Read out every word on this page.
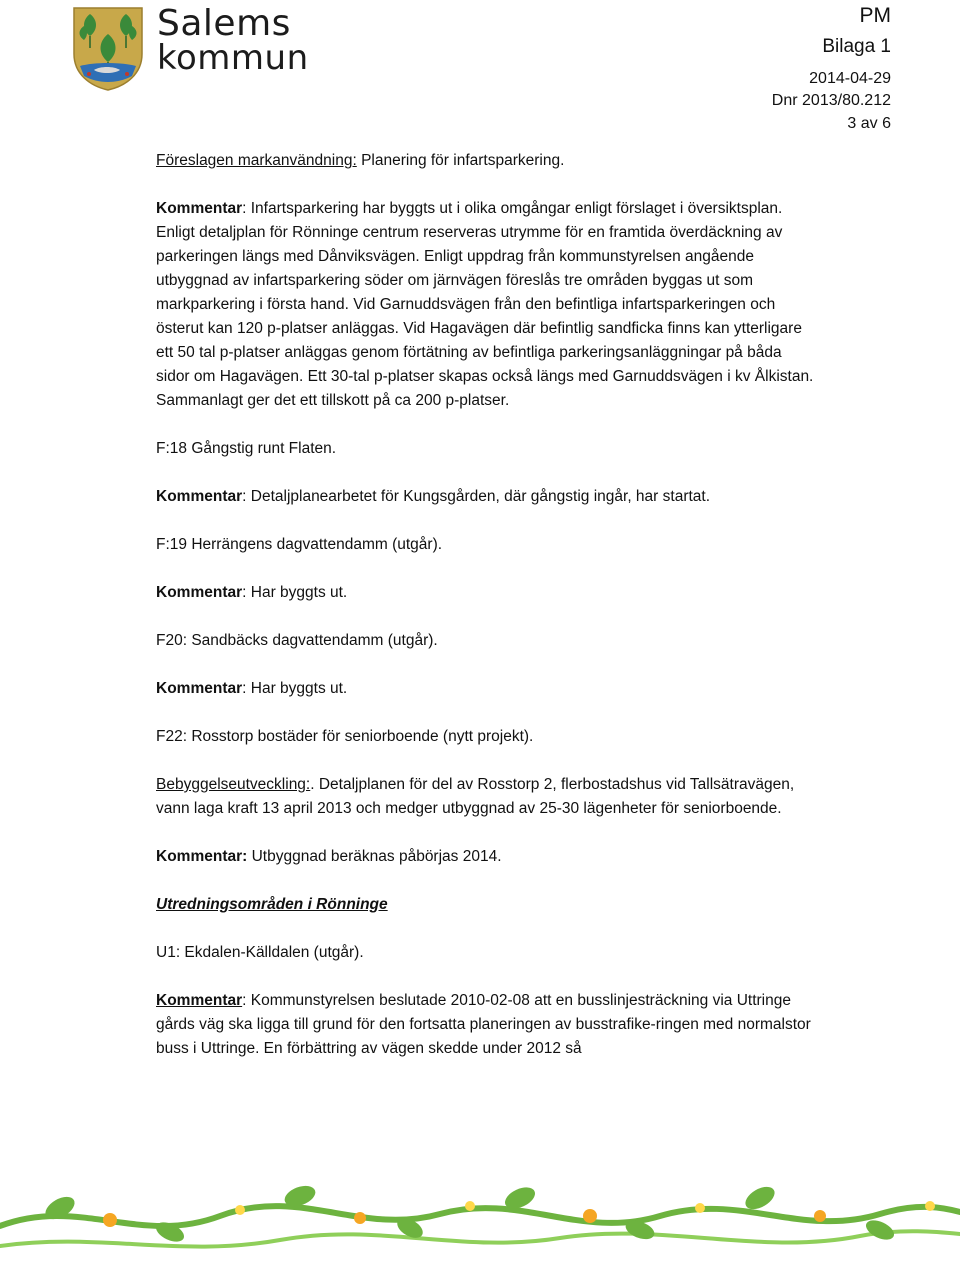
Salems
kommun
PM
Bilaga 1
2014-04-29
Dnr 2013/80.212
3 av 6

Föreslagen markanvändning: Planering för infartsparkering.

Kommentar: Infartsparkering har byggts ut i olika omgångar enligt förslaget i översiktsplan. Enligt detaljplan för Rönninge centrum reserveras utrymme för en framtida överdäckning av parkeringen längs med Dånviksvägen. Enligt uppdrag från kommunstyrelsen angående utbyggnad av infartsparkering söder om järnvägen föreslås tre områden byggas ut som markparkering i första hand. Vid Garnuddsvägen från den befintliga infartsparkeringen och österut kan 120 p-platser anläggas. Vid Hagavägen där befintlig sandficka finns kan ytterligare ett 50 tal p-platser anläggas genom förtätning av befintliga parkeringsanläggningar på båda sidor om Hagavägen. Ett 30-tal p-platser skapas också längs med Garnuddsvägen i kv Ålkistan. Sammanlagt ger det ett tillskott på ca 200 p-platser.

F:18 Gångstig runt Flaten.

Kommentar: Detaljplanearbetet för Kungsgården, där gångstig ingår, har startat.

F:19 Herrängens dagvattendamm (utgår).

Kommentar: Har byggts ut.

F20: Sandbäcks dagvattendamm (utgår).

Kommentar: Har byggts ut.

F22: Rosstorp bostäder för seniorboende (nytt projekt).

Bebyggelseutveckling:. Detaljplanen för del av Rosstorp 2, flerbostadshus vid Tallsätravägen, vann laga kraft 13 april 2013 och medger utbyggnad av 25-30 lägenheter för seniorboende.

Kommentar: Utbyggnad beräknas påbörjas 2014.

Utredningsområden i Rönninge

U1: Ekdalen-Källdalen (utgår).

Kommentar: Kommunstyrelsen beslutade 2010-02-08 att en busslinjesträckning via Uttringe gårds väg ska ligga till grund för den fortsatta planeringen av busstrafike-ringen med normalstor buss i Uttringe. En förbättring av vägen skedde under 2012 så
